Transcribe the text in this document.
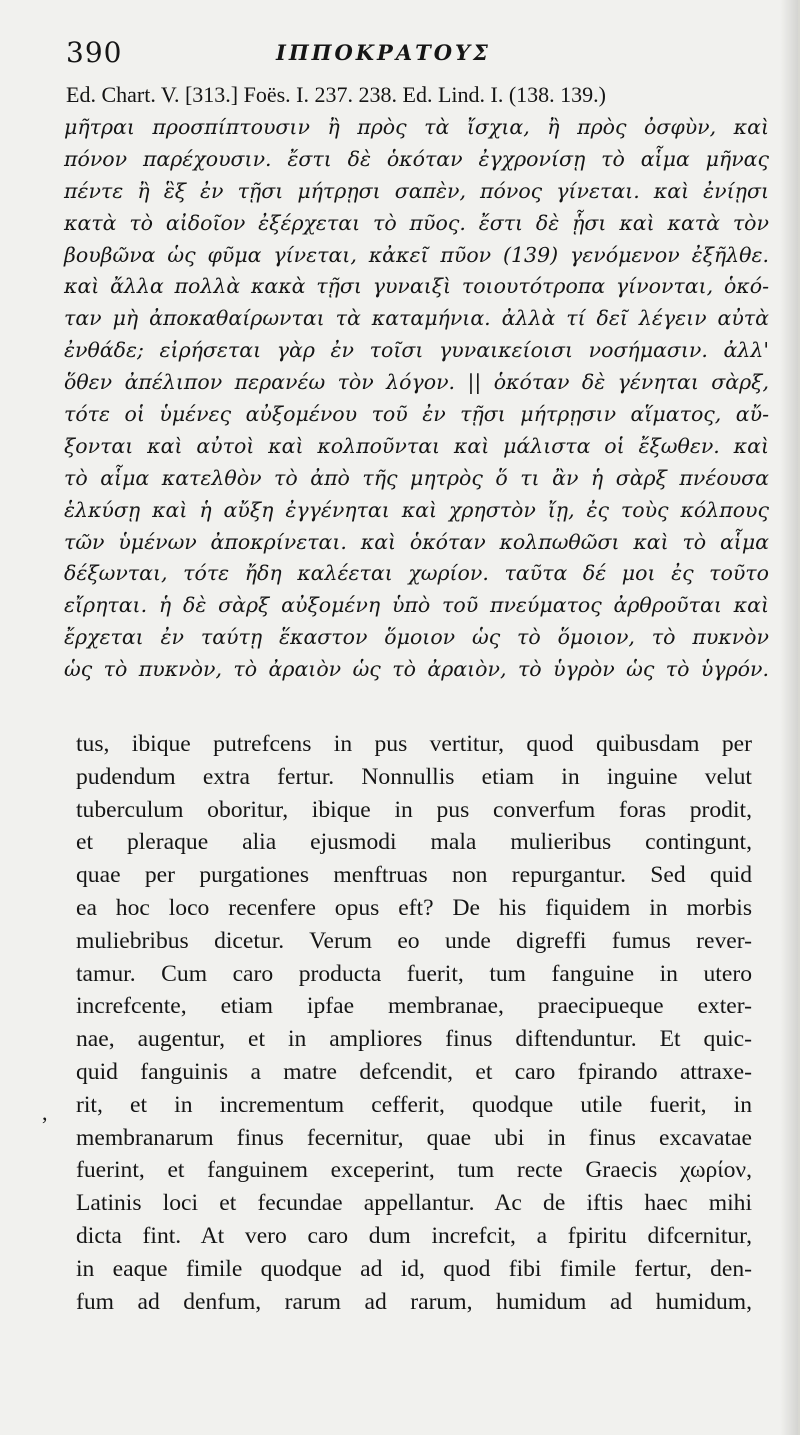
390	ΙΠΠΟΚΡΑΤΟΥΣ
Ed. Chart. V. [313.] Foës. I. 237. 238. Ed. Lind. I. (138. 139.)
μῆτραι προσπίπτουσιν ἢ πρὸς τὰ ἴσχια, ἢ πρὸς ὀσφὺν, καὶ
πόνον παρέχουσιν. ἔστι δὲ ὁκόταν ἐγχρονίσῃ τὸ αἷμα μῆνας
πέντε ἢ ἓξ ἐν τῇσι μήτρῃσι σαπὲν, πόνος γίνεται. καὶ ἐνίῃσι
κατὰ τὸ αἰδοῖον ἐξέρχεται τὸ πῦος. ἔστι δὲ ᾗσι καὶ κατὰ τὸν
βουβῶνα ὡς φῦμα γίνεται, κἀκεῖ πῦον (139) γενόμενον ἐξῆλθε.
καὶ ἄλλα πολλὰ κακὰ τῇσι γυναιξὶ τοιουτότροπα γίνονται, ὁκό-
ταν μὴ ἀποκαθαίρωνται τὰ καταμήνια. ἀλλὰ τί δεῖ λέγειν αὐτὰ
ἐνθάδε; εἰρήσεται γὰρ ἐν τοῖσι γυναικείοισι νοσήμασιν. ἀλλ'
ὅθεν ἀπέλιπον περανέω τὸν λόγον. || ὁκόταν δὲ γένηται σὰρξ,
τότε οἱ ὑμένες αὐξομένου τοῦ ἐν τῇσι μήτρῃσιν αἵματος, αὔ-
ξονται καὶ αὐτοὶ καὶ κολποῦνται καὶ μάλιστα οἱ ἔξωθεν. καὶ
τὸ αἷμα κατελθὸν τὸ ἀπὸ τῆς μητρὸς ὅ τι ἂν ἡ σὰρξ πνέουσα
ἑλκύσῃ καὶ ἡ αὔξη ἐγγένηται καὶ χρηστὸν ἴῃ, ἐς τοὺς κόλπους
τῶν ὑμένων ἀποκρίνεται. καὶ ὁκόταν κολπωθῶσι καὶ τὸ αἷμα
δέξωνται, τότε ἤδη καλέεται χωρίον. ταῦτα δέ μοι ἐς τοῦτο
εἴρηται. ἡ δὲ σὰρξ αὐξομένη ὑπὸ τοῦ πνεύματος ἀρθροῦται καὶ
ἔρχεται ἐν ταύτῃ ἕκαστον ὅμοιον ὡς τὸ ὅμοιον, τὸ πυκνὸν
ὡς τὸ πυκνὸν, τὸ ἀραιὸν ὡς τὸ ἀραιὸν, τὸ ὑγρὸν ὡς τὸ ὑγρόν.
,
tus, ibique putrefcens in pus vertitur, quod quibusdam per
pudendum extra fertur. Nonnullis etiam in inguine velut
tuberculum oboritur, ibique in pus converfum foras prodit,
et pleraque alia ejusmodi mala mulieribus contingunt,
quae per purgationes menftruas non repurgantur. Sed quid
ea hoc loco recenfere opus eft? De his fiquidem in morbis
muliebribus dicetur. Verum eo unde digreffi fumus rever-
tamur. Cum caro producta fuerit, tum fanguine in utero
increfcente, etiam ipfae membranae, praecipueque exter-
nae, augentur, et in ampliores finus diftenduntur. Et quic-
quid fanguinis a matre defcendit, et caro fpirando attraxe-
rit, et in incrementum cefferit, quodque utile fuerit, in
membranarum finus fecernitur, quae ubi in finus excavatae
fuerint, et fanguinem exceperint, tum recte Graecis χωρίον,
Latinis loci et fecundae appellantur. Ac de iftis haec mihi
dicta fint. At vero caro dum increfcit, a fpiritu difcernitur,
in eaque fimile quodque ad id, quod fibi fimile fertur, den-
fum ad denfum, rarum ad rarum, humidum ad humidum,
